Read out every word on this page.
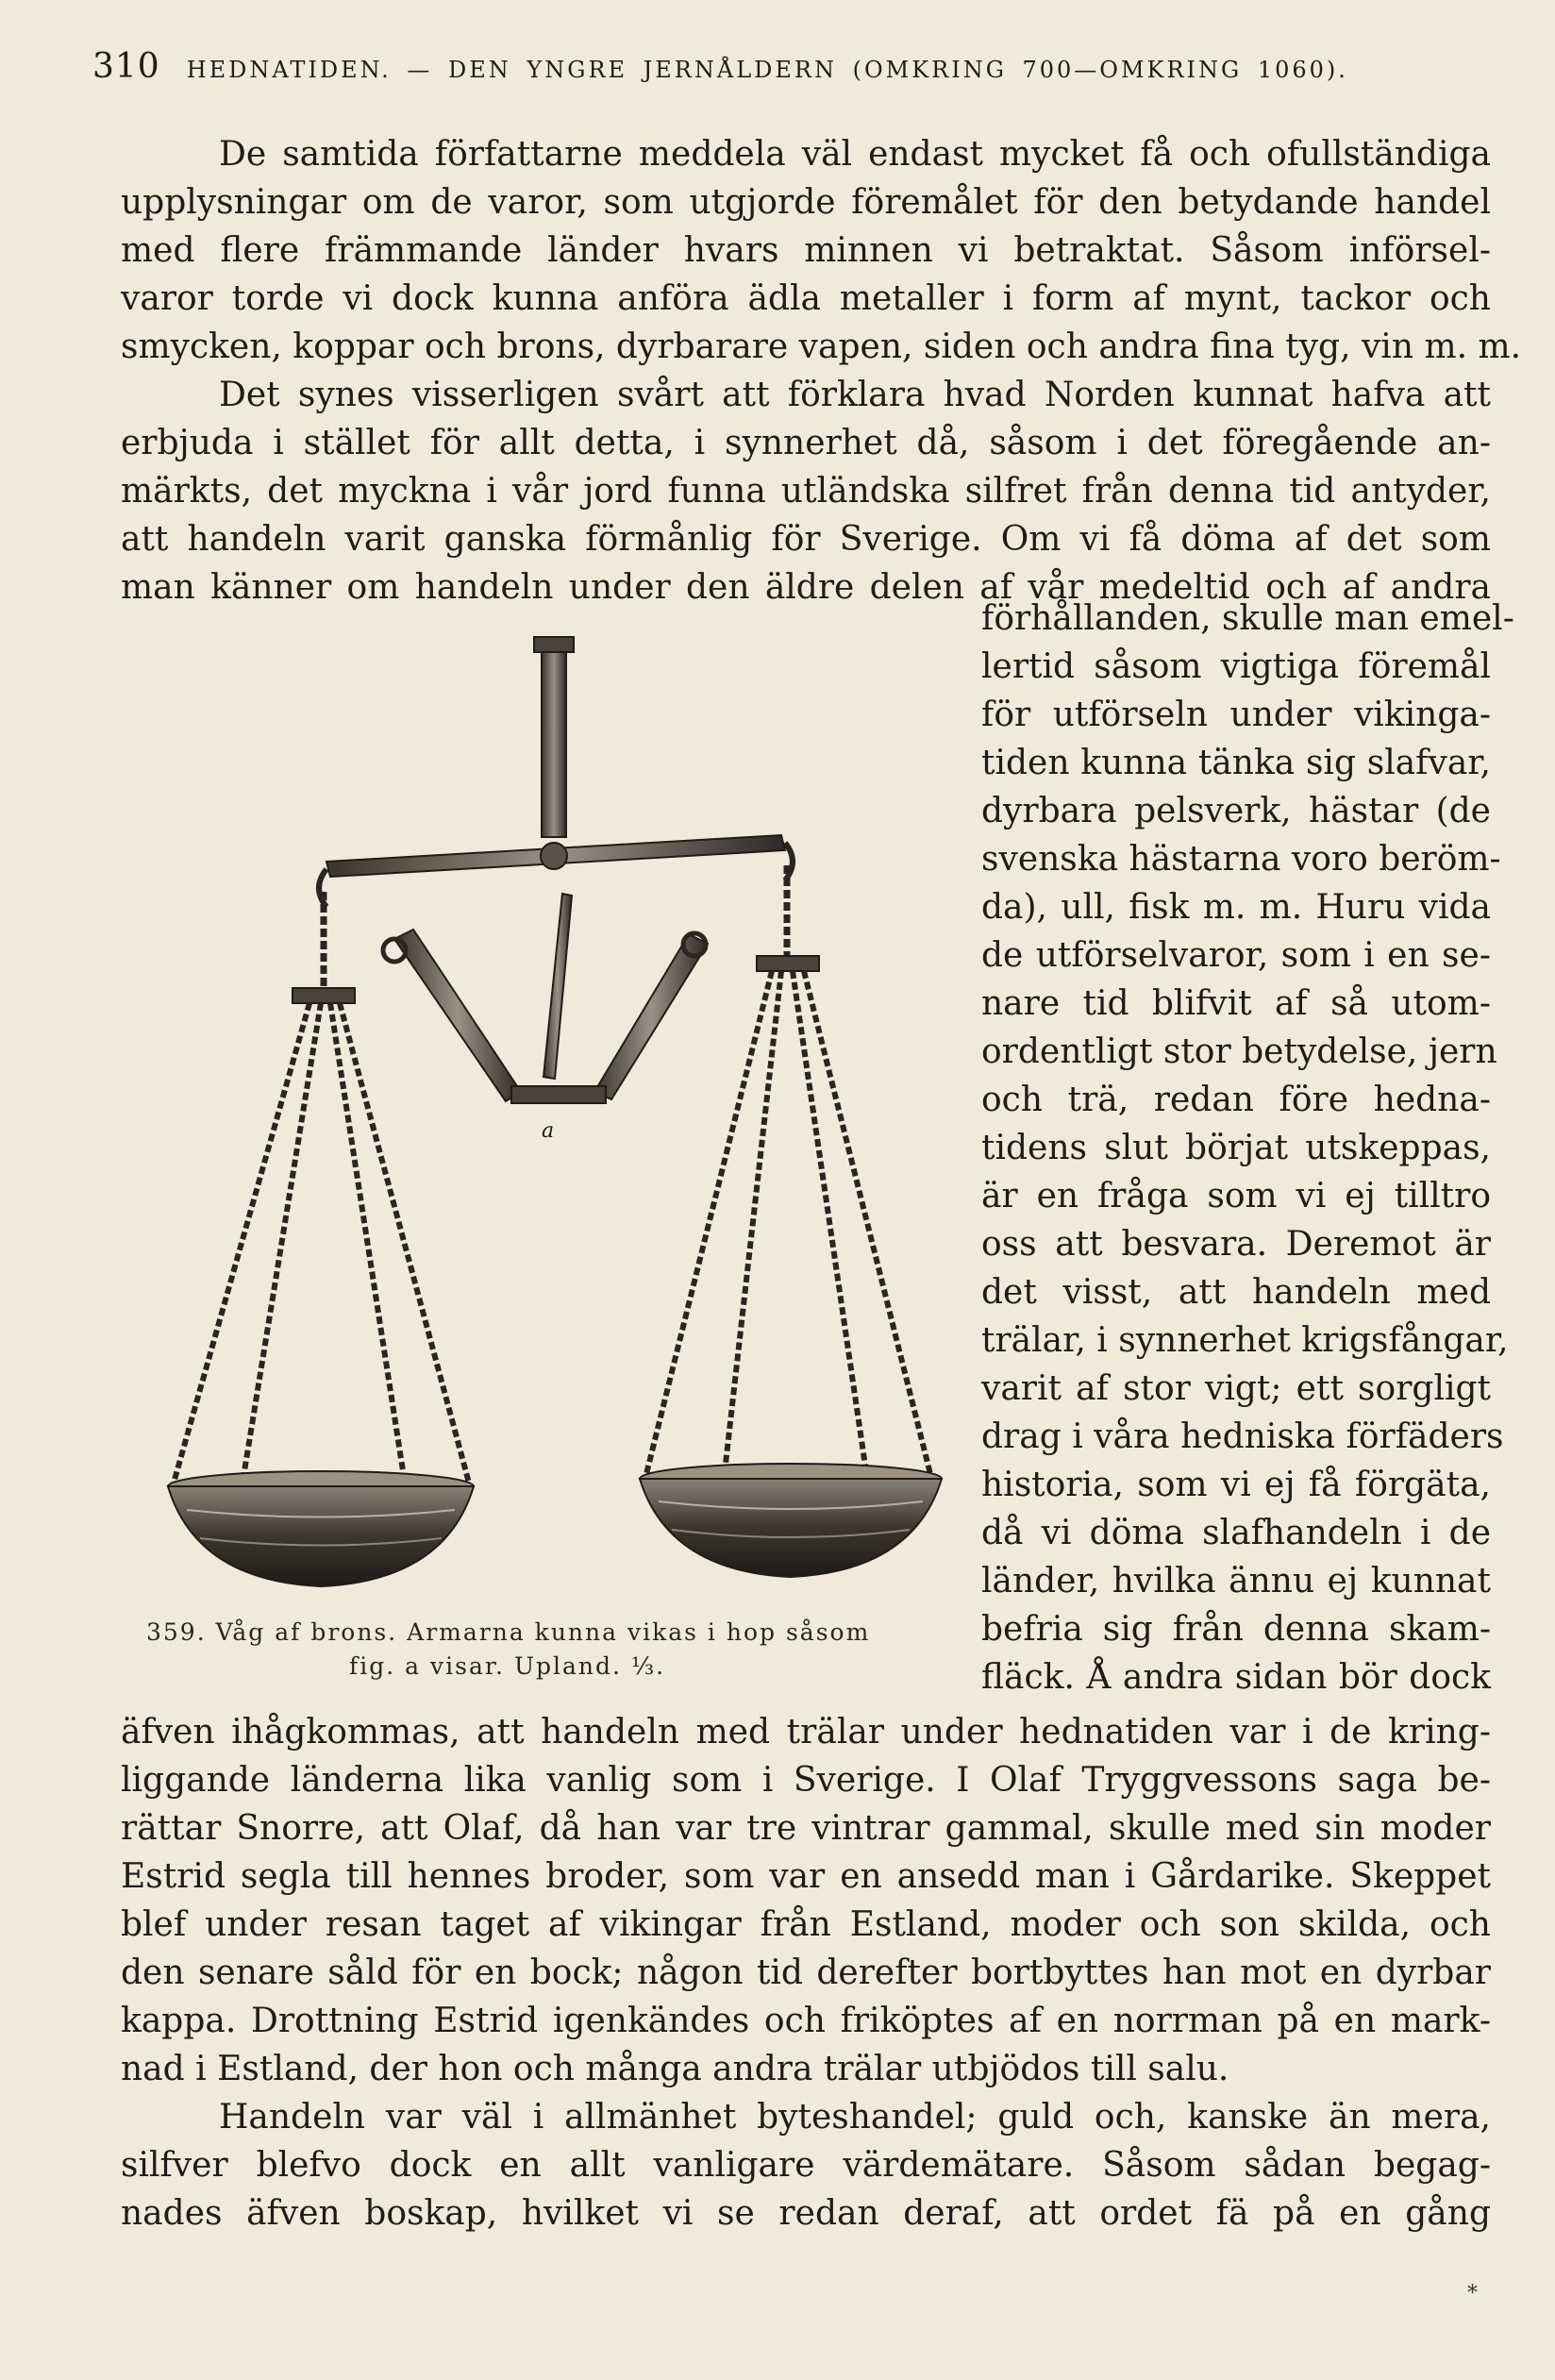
310 HEDNATIDEN. — DEN YNGRE JERNÅLDERN (OMKRING 700—OMKRING 1060).
De samtida författarne meddela väl endast mycket få och ofullständiga
upplysningar om de varor, som utgjorde föremålet för den betydande handel
med flere främmande länder hvars minnen vi betraktat. Såsom införsel-
varor torde vi dock kunna anföra ädla metaller i form af mynt, tackor och
smycken, koppar och brons, dyrbarare vapen, siden och andra fina tyg, vin m. m.
Det synes visserligen svårt att förklara hvad Norden kunnat hafva att
erbjuda i stället för allt detta, i synnerhet då, såsom i det föregående an-
märkts, det myckna i vår jord funna utländska silfret från denna tid antyder,
att handeln varit ganska förmånlig för Sverige. Om vi få döma af det som
man känner om handeln under den äldre delen af vår medeltid och af andra
a
359. Våg af brons. Armarna kunna vikas i hop såsom
fig. a visar. Upland. ⅓.
förhållanden, skulle man emel-
lertid såsom vigtiga föremål
för utförseln under vikinga-
tiden kunna tänka sig slafvar,
dyrbara pelsverk, hästar (de
svenska hästarna voro beröm-
da), ull, fisk m. m. Huru vida
de utförselvaror, som i en se-
nare tid blifvit af så utom-
ordentligt stor betydelse, jern
och trä, redan före hedna-
tidens slut börjat utskeppas,
är en fråga som vi ej tilltro
oss att besvara. Deremot är
det visst, att handeln med
trälar, i synnerhet krigsfångar,
varit af stor vigt; ett sorgligt
drag i våra hedniska förfäders
historia, som vi ej få förgäta,
då vi döma slafhandeln i de
länder, hvilka ännu ej kunnat
befria sig från denna skam-
fläck. Å andra sidan bör dock
äfven ihågkommas, att handeln med trälar under hednatiden var i de kring-
liggande länderna lika vanlig som i Sverige. I Olaf Tryggvessons saga be-
rättar Snorre, att Olaf, då han var tre vintrar gammal, skulle med sin moder
Estrid segla till hennes broder, som var en ansedd man i Gårdarike. Skeppet
blef under resan taget af vikingar från Estland, moder och son skilda, och
den senare såld för en bock; någon tid derefter bortbyttes han mot en dyrbar
kappa. Drottning Estrid igenkändes och friköptes af en norrman på en mark-
nad i Estland, der hon och många andra trälar utbjödos till salu.
Handeln var väl i allmänhet byteshandel; guld och, kanske än mera,
silfver blefvo dock en allt vanligare värdemätare. Såsom sådan begag-
nades äfven boskap, hvilket vi se redan deraf, att ordet fä på en gång
*
